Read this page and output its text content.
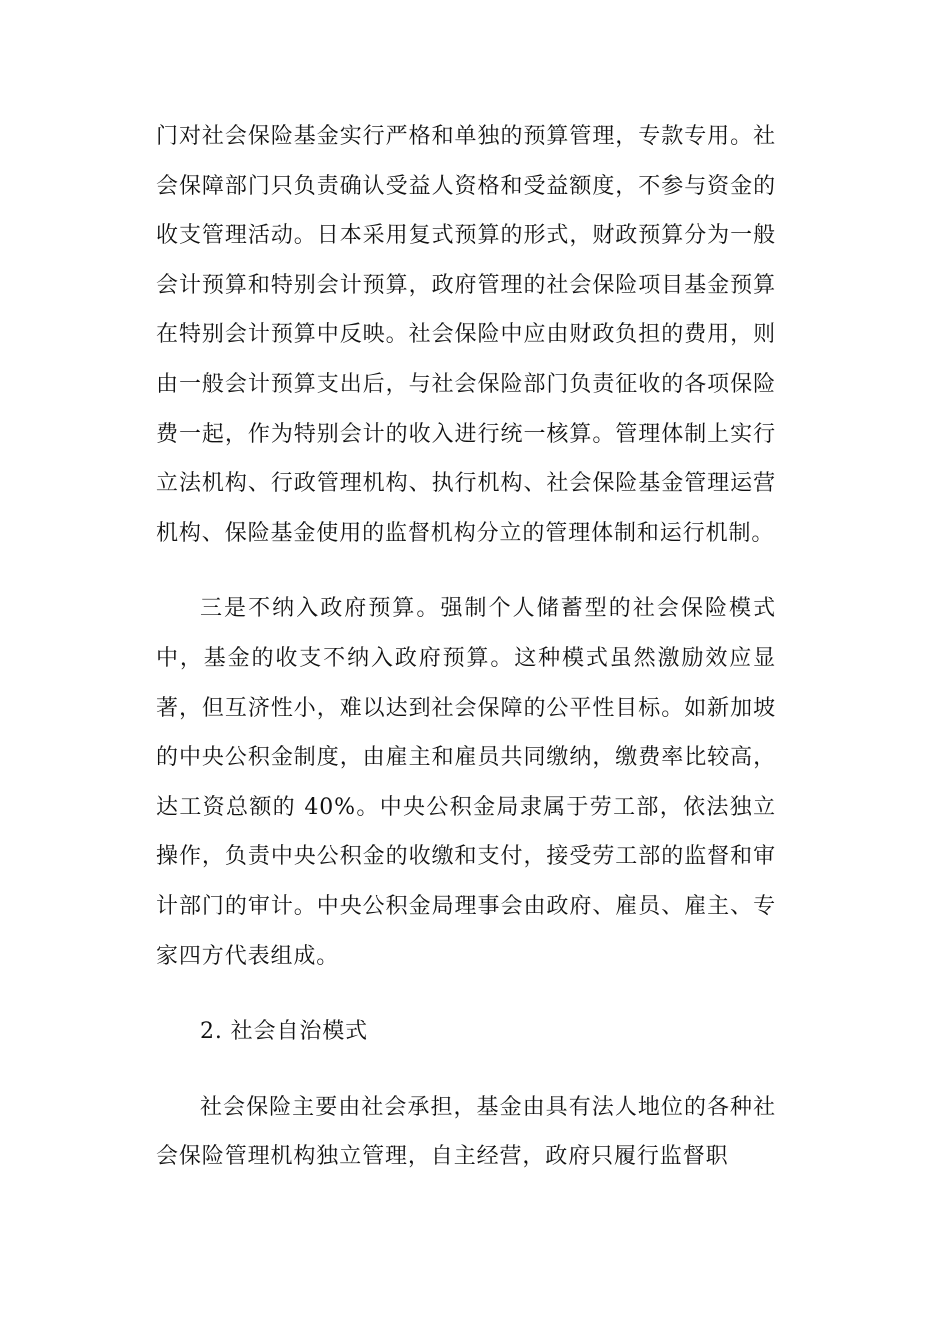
门对社会保险基金实行严格和单独的预算管理，专款专用。社会保障部门只负责确认受益人资格和受益额度，不参与资金的收支管理活动。日本采用复式预算的形式，财政预算分为一般会计预算和特别会计预算，政府管理的社会保险项目基金预算在特别会计预算中反映。社会保险中应由财政负担的费用，则由一般会计预算支出后，与社会保险部门负责征收的各项保险费一起，作为特别会计的收入进行统一核算。管理体制上实行立法机构、行政管理机构、执行机构、社会保险基金管理运营机构、保险基金使用的监督机构分立的管理体制和运行机制。

三是不纳入政府预算。强制个人储蓄型的社会保险模式中，基金的收支不纳入政府预算。这种模式虽然激励效应显著，但互济性小，难以达到社会保障的公平性目标。如新加坡的中央公积金制度，由雇主和雇员共同缴纳，缴费率比较高，达工资总额的 40%。中央公积金局隶属于劳工部，依法独立操作，负责中央公积金的收缴和支付，接受劳工部的监督和审计部门的审计。中央公积金局理事会由政府、雇员、雇主、专家四方代表组成。

2. 社会自治模式

社会保险主要由社会承担，基金由具有法人地位的各种社会保险管理机构独立管理，自主经营，政府只履行监督职
